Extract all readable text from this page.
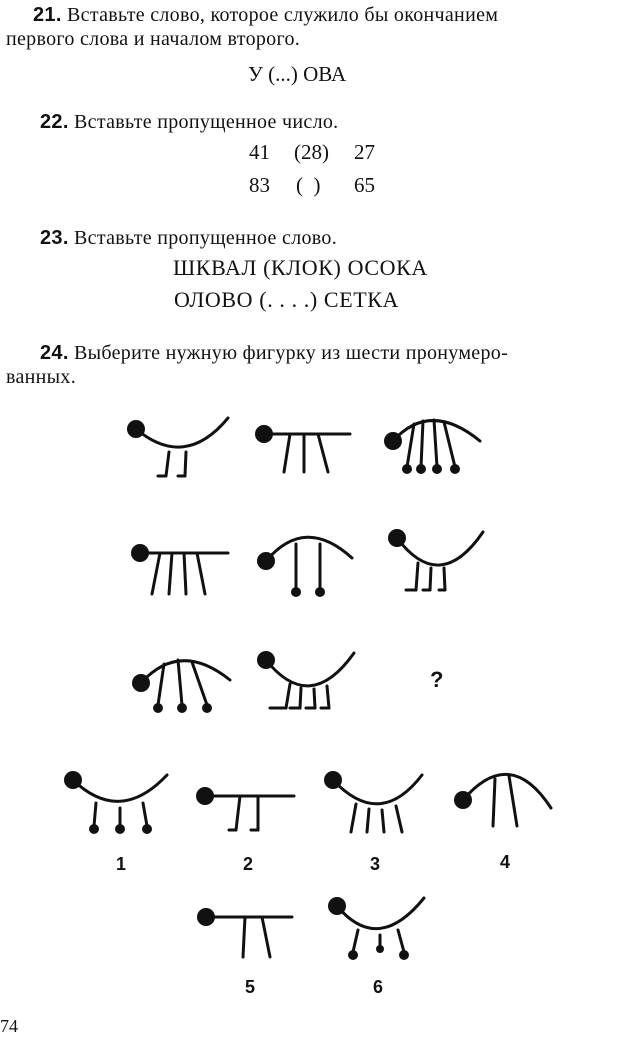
21. Вставьте слово, которое служило бы окончанием
первого слова и началом второго.
У (...) ОВА
22. Вставьте пропущенное число.
41 (28) 27
83 (  ) 65
23. Вставьте пропущенное слово.
ШКВАЛ (КЛОК) ОСОКА
ОЛОВО (. . . .) СЕТКА
24. Выберите нужную фигурку из шести пронумеро-
ванных.
?
1	2	3	4
5	6
74
